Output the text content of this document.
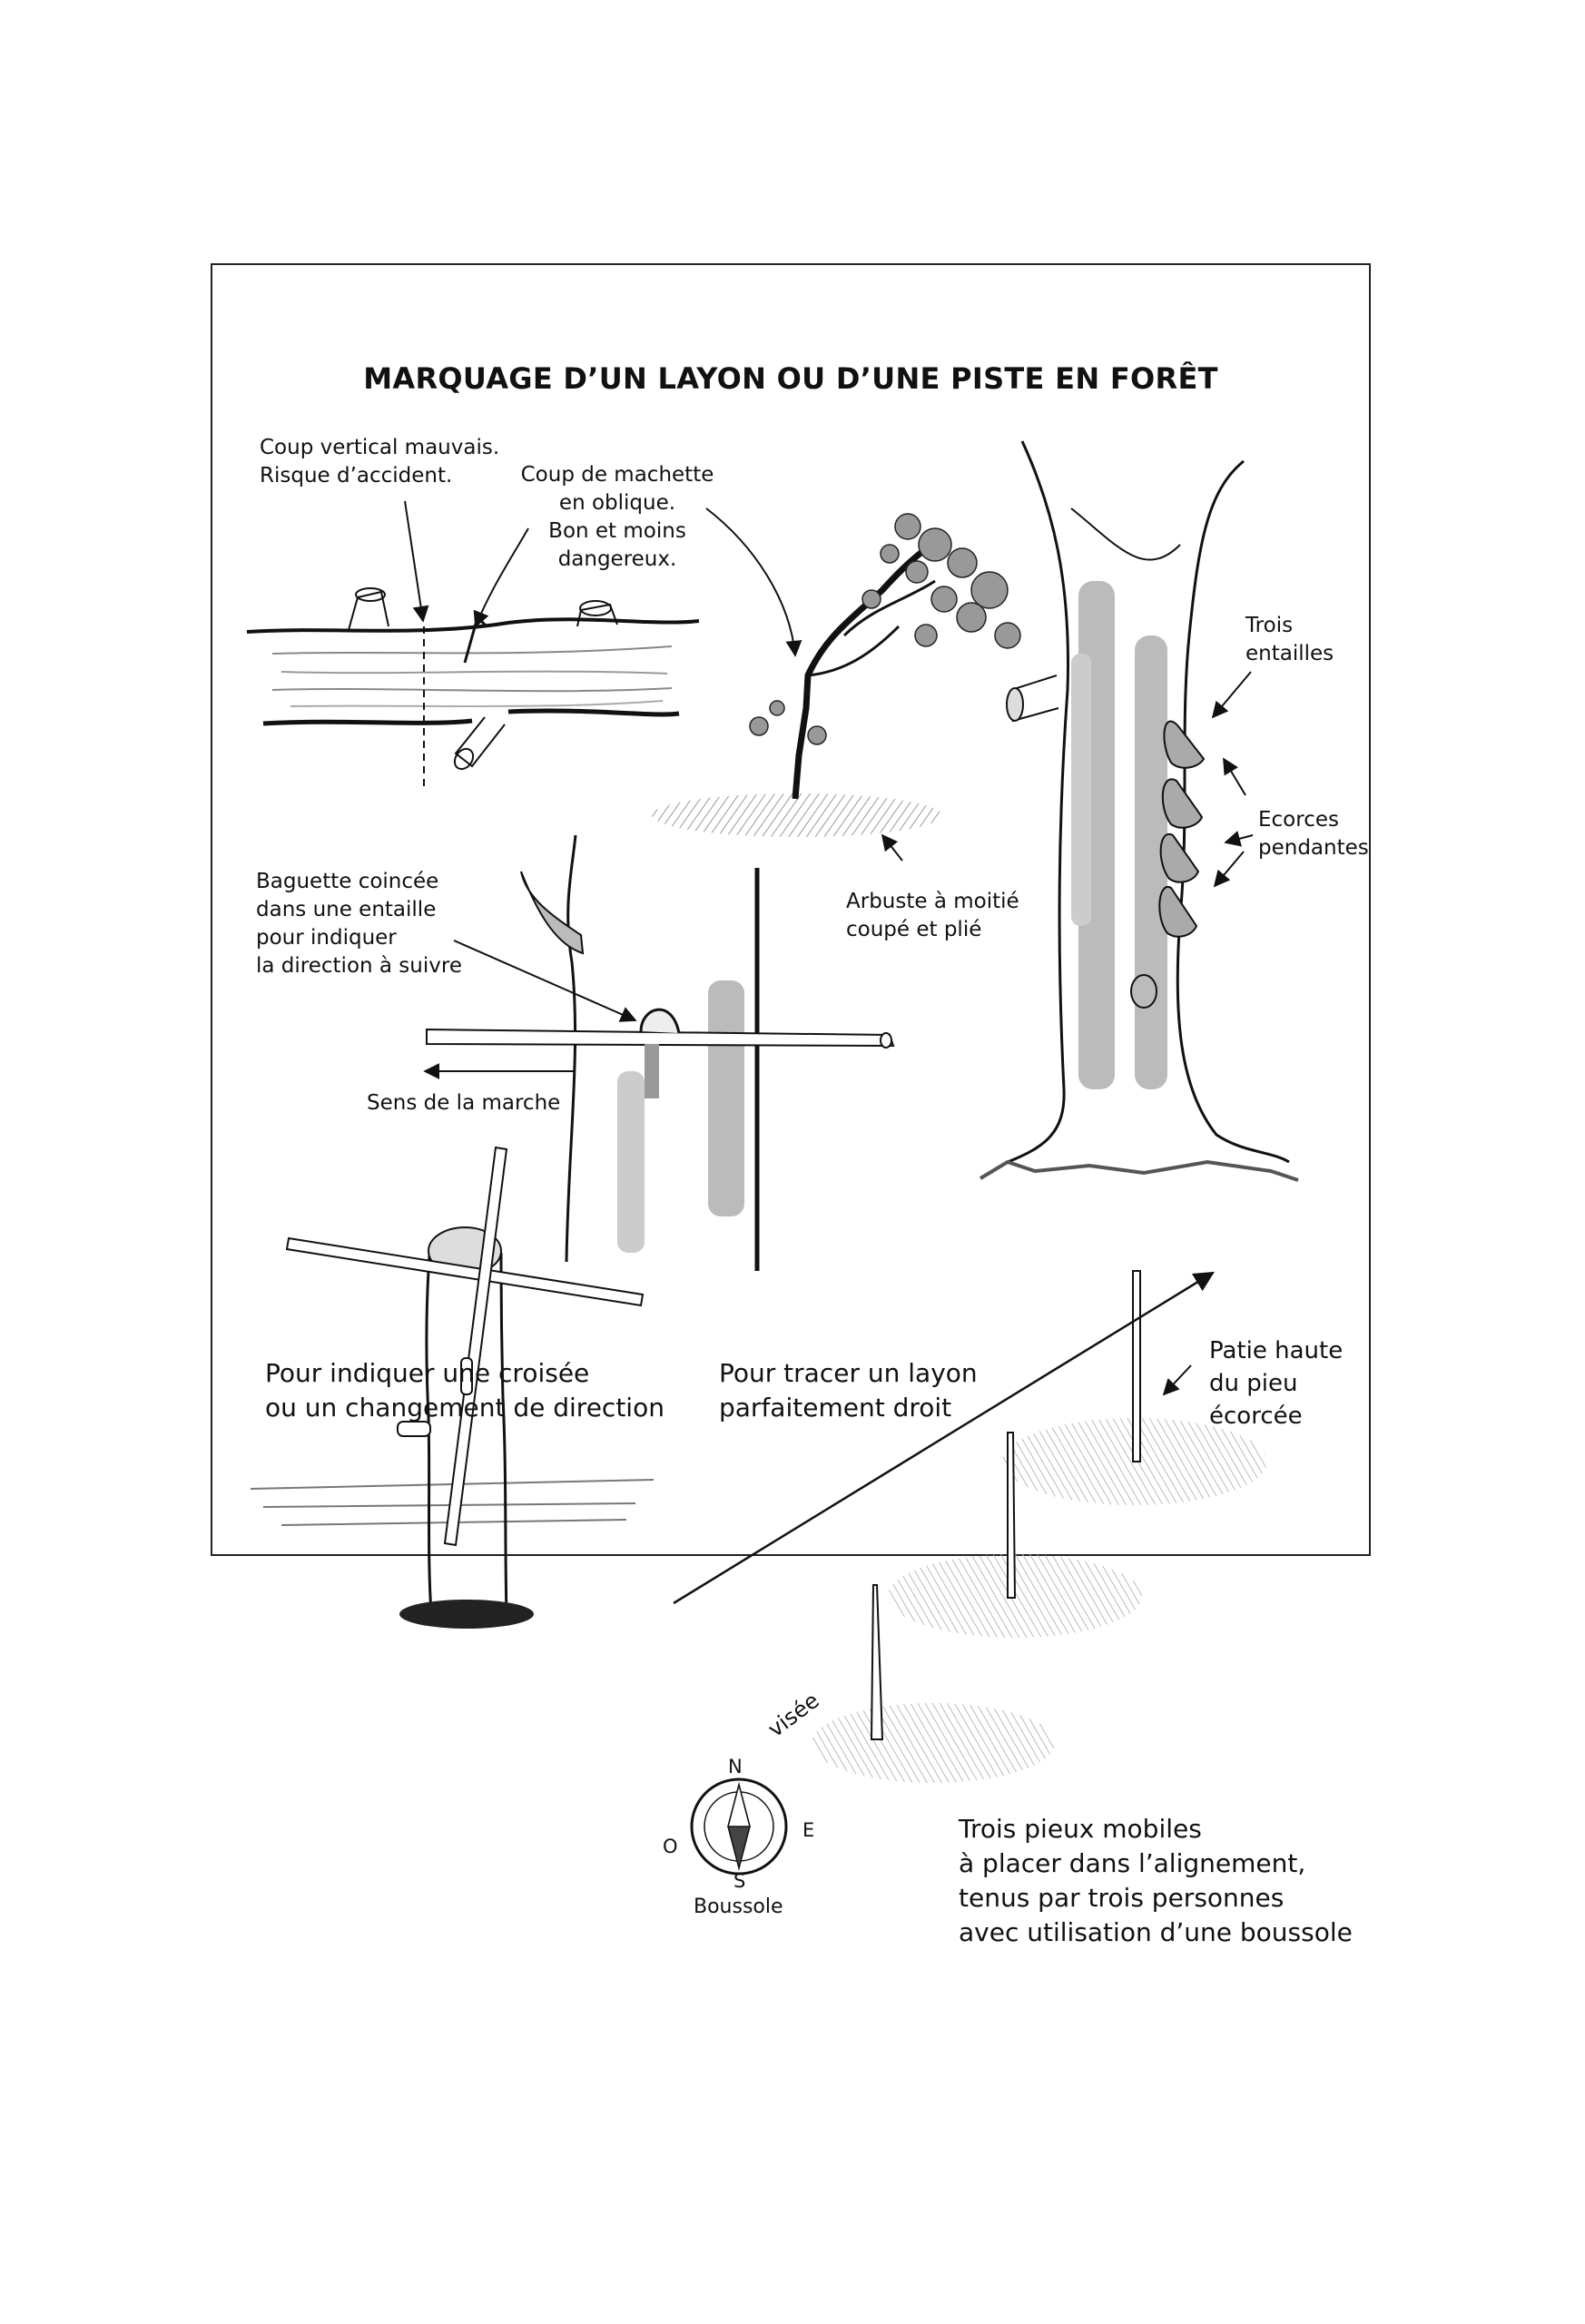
MARQUAGE D’UN LAYON OU D’UNE PISTE EN FORÊT
Coup vertical mauvais.
Risque d’accident.	Coup de machette
en oblique.
Bon et moins
dangereux.
Trois
entailles
Ecorces
pendantes
Arbuste à moitié
coupé et plié
Baguette coincée
dans une entaille
pour indiquer
la direction à suivre
Sens de la marche
Pour indiquer une croisée
ou un changement de direction
Pour tracer un layon
parfaitement droit
Patie haute
du pieu
écorcée
visée
Boussole
Trois pieux mobiles
à placer dans l’alignement,
tenus par trois personnes
avec utilisation d’une boussole
N
S
E
O
